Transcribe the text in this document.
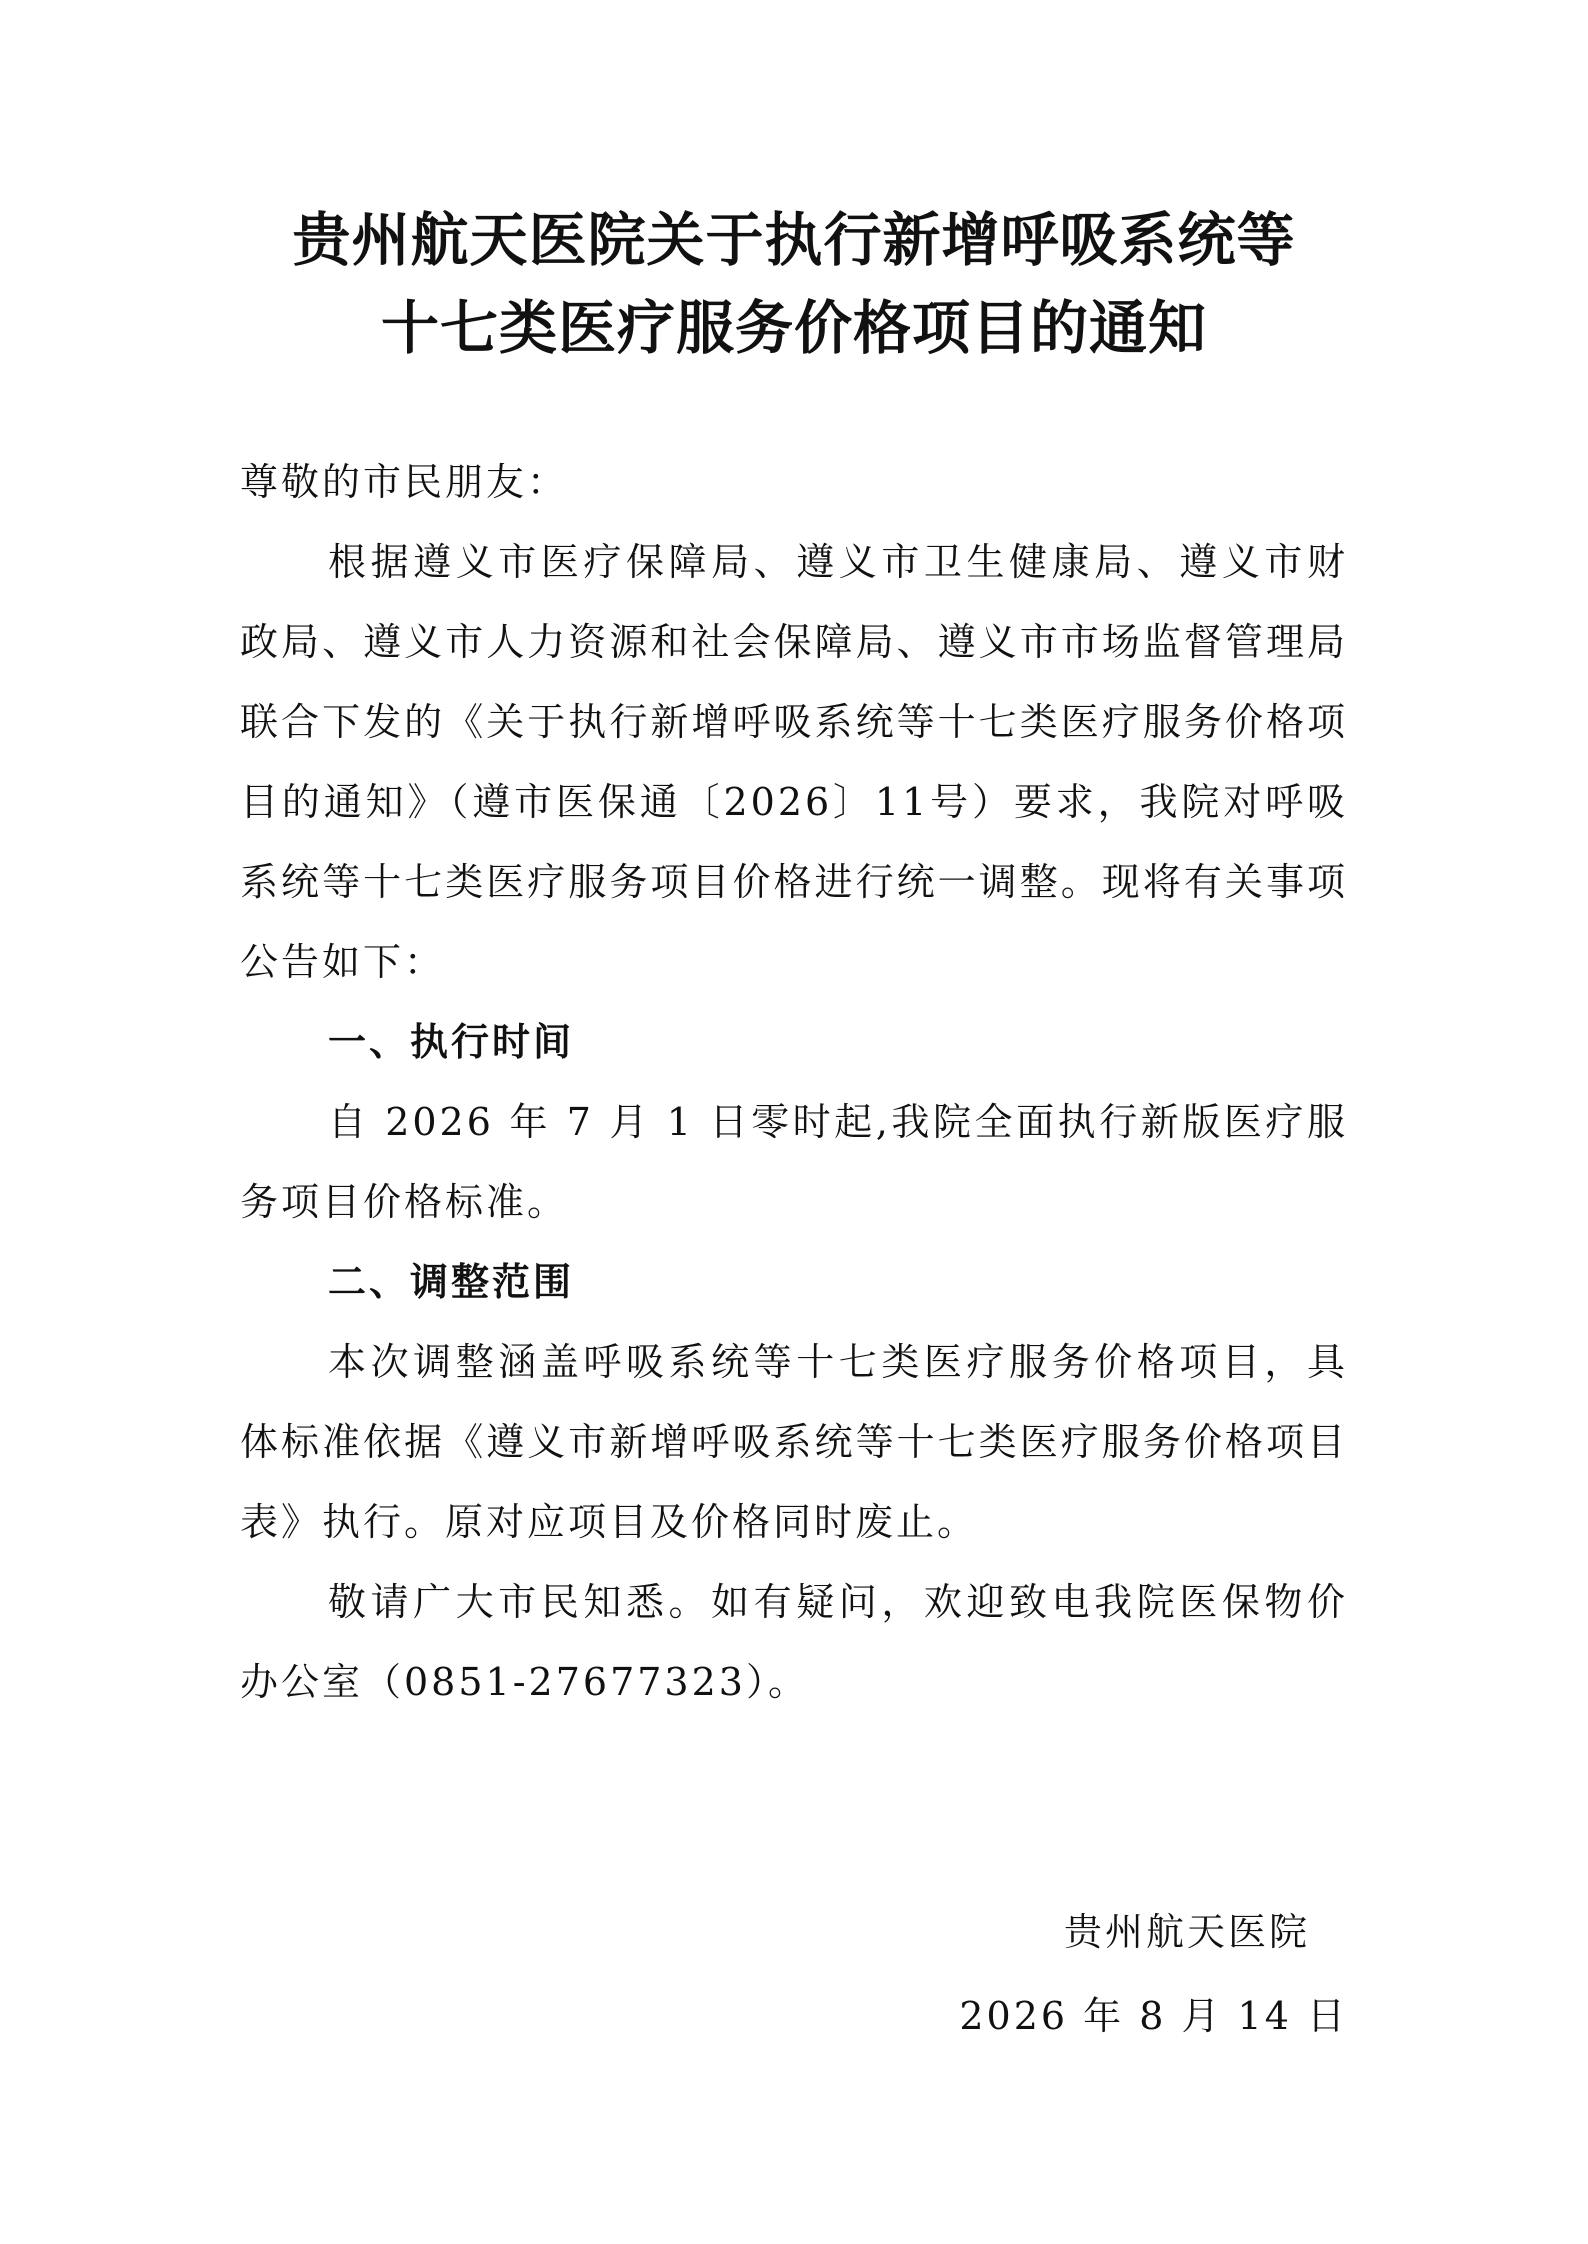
贵州航天医院关于执行新增呼吸系统等
十七类医疗服务价格项目的通知

尊敬的市民朋友：

根据遵义市医疗保障局、遵义市卫生健康局、遵义市财政局、遵义市人力资源和社会保障局、遵义市市场监督管理局联合下发的《关于执行新增呼吸系统等十七类医疗服务价格项目的通知》（遵市医保通〔2026〕11号）要求，我院对呼吸系统等十七类医疗服务项目价格进行统一调整。现将有关事项公告如下：

一、执行时间

自 2026 年 7 月 1 日零时起,我院全面执行新版医疗服务项目价格标准。

二、调整范围

本次调整涵盖呼吸系统等十七类医疗服务价格项目，具体标准依据《遵义市新增呼吸系统等十七类医疗服务价格项目表》执行。原对应项目及价格同时废止。

敬请广大市民知悉。如有疑问，欢迎致电我院医保物价办公室（0851-27677323）。

贵州航天医院

2026 年 8 月 14 日
